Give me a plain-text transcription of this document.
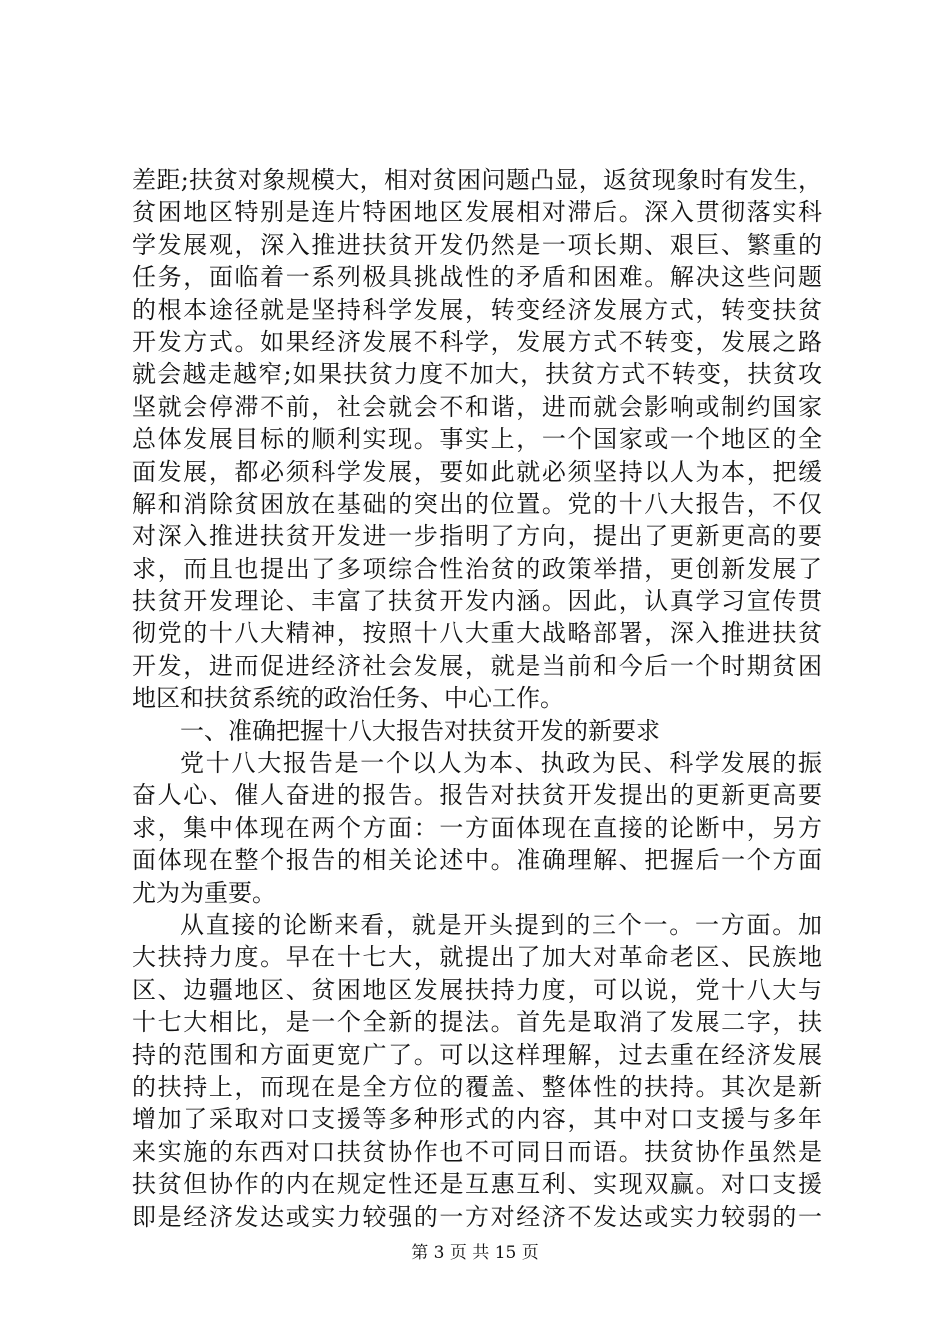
差距;扶贫对象规模大，相对贫困问题凸显，返贫现象时有发生，
贫困地区特别是连片特困地区发展相对滞后。深入贯彻落实科
学发展观，深入推进扶贫开发仍然是一项长期、艰巨、繁重的
任务，面临着一系列极具挑战性的矛盾和困难。解决这些问题
的根本途径就是坚持科学发展，转变经济发展方式，转变扶贫
开发方式。如果经济发展不科学，发展方式不转变，发展之路
就会越走越窄;如果扶贫力度不加大，扶贫方式不转变，扶贫攻
坚就会停滞不前，社会就会不和谐，进而就会影响或制约国家
总体发展目标的顺利实现。事实上，一个国家或一个地区的全
面发展，都必须科学发展，要如此就必须坚持以人为本，把缓
解和消除贫困放在基础的突出的位置。党的十八大报告，不仅
对深入推进扶贫开发进一步指明了方向，提出了更新更高的要
求，而且也提出了多项综合性治贫的政策举措，更创新发展了
扶贫开发理论、丰富了扶贫开发内涵。因此，认真学习宣传贯
彻党的十八大精神，按照十八大重大战略部署，深入推进扶贫
开发，进而促进经济社会发展，就是当前和今后一个时期贫困
地区和扶贫系统的政治任务、中心工作。
一、准确把握十八大报告对扶贫开发的新要求
党十八大报告是一个以人为本、执政为民、科学发展的振
奋人心、催人奋进的报告。报告对扶贫开发提出的更新更高要
求，集中体现在两个方面：一方面体现在直接的论断中，另方
面体现在整个报告的相关论述中。准确理解、把握后一个方面
尤为为重要。
从直接的论断来看，就是开头提到的三个一。一方面。加
大扶持力度。早在十七大，就提出了加大对革命老区、民族地
区、边疆地区、贫困地区发展扶持力度，可以说，党十八大与
十七大相比，是一个全新的提法。首先是取消了发展二字，扶
持的范围和方面更宽广了。可以这样理解，过去重在经济发展
的扶持上，而现在是全方位的覆盖、整体性的扶持。其次是新
增加了采取对口支援等多种形式的内容，其中对口支援与多年
来实施的东西对口扶贫协作也不可同日而语。扶贫协作虽然是
扶贫但协作的内在规定性还是互惠互利、实现双赢。对口支援
即是经济发达或实力较强的一方对经济不发达或实力较弱的一
第 3 页 共 15 页
